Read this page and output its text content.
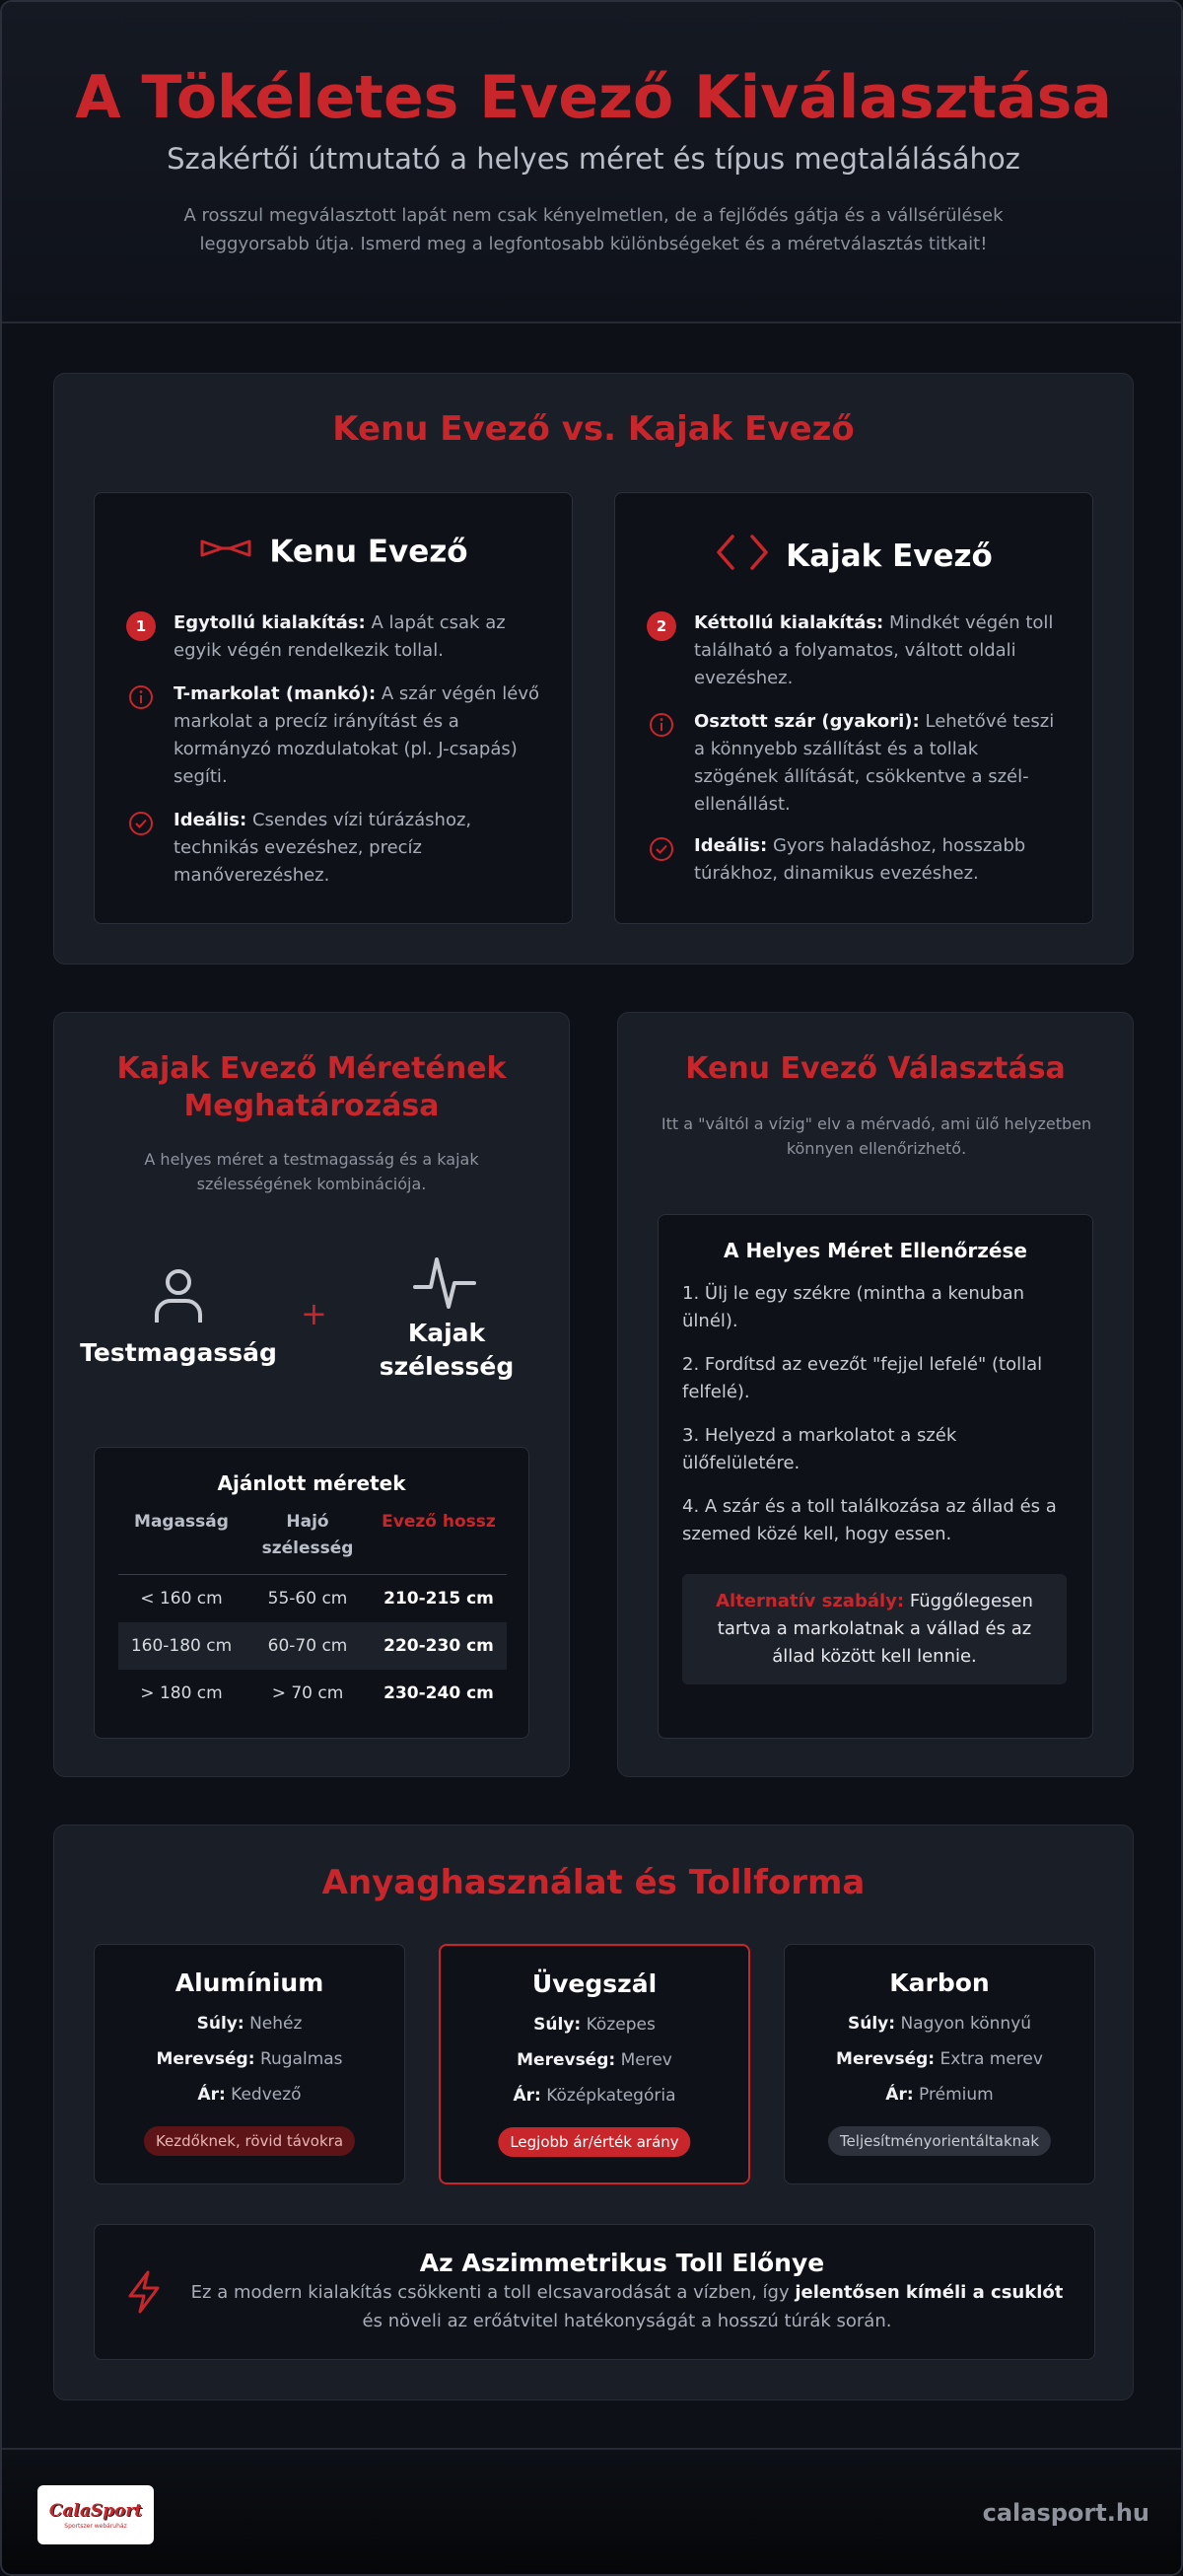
A Tökéletes Evező Kiválasztása
Szakértői útmutató a helyes méret és típus megtalálásához
A rosszul megválasztott lapát nem csak kényelmetlen, de a fejlődés gátja és a vállsérülések leggyorsabb útja. Ismerd meg a legfontosabb különbségeket és a méretválasztás titkait!
Kenu Evező vs. Kajak Evező
Kenu Evező
1	Egytollú kialakítás: A lapát csak az egyik végén rendelkezik tollal.
T-markolat (mankó): A szár végén lévő markolat a precíz irányítást és a kormányzó mozdulatokat (pl. J-csapás) segíti.
Ideális: Csendes vízi túrázáshoz, technikás evezéshez, precíz manőverezéshez.
Kajak Evező
2	Kéttollú kialakítás: Mindkét végén toll található a folyamatos, váltott oldali evezéshez.
Osztott szár (gyakori): Lehetővé teszi a könnyebb szállítást és a tollak szögének állítását, csökkentve a szél-ellenállást.
Ideális: Gyors haladáshoz, hosszabb túrákhoz, dinamikus evezéshez.
Kajak Evező Méretének Meghatározása
A helyes méret a testmagasság és a kajak szélességének kombinációja.
Testmagasság
+
Kajak szélesség
Ajánlott méretek
Magasság	Hajó szélesség	Evező hossz
< 160 cm	55-60 cm	210-215 cm
160-180 cm	60-70 cm	220-230 cm
> 180 cm	> 70 cm	230-240 cm
Kenu Evező Választása
Itt a "váltól a vízig" elv a mérvadó, ami ülő helyzetben könnyen ellenőrizhető.
A Helyes Méret Ellenőrzése
1. Ülj le egy székre (mintha a kenuban ülnél).
2. Fordítsd az evezőt "fejjel lefelé" (tollal felfelé).
3. Helyezd a markolatot a szék ülőfelületére.
4. A szár és a toll találkozása az állad és a szemed közé kell, hogy essen.
Alternatív szabály: Függőlegesen tartva a markolatnak a vállad és az állad között kell lennie.
Anyaghasználat és Tollforma
Alumínium
Súly: Nehéz
Merevség: Rugalmas
Ár: Kedvező
Kezdőknek, rövid távokra
Üvegszál
Súly: Közepes
Merevség: Merev
Ár: Középkategória
Legjobb ár/érték arány
Karbon
Súly: Nagyon könnyű
Merevség: Extra merev
Ár: Prémium
Teljesítményorientáltaknak
Az Aszimmetrikus Toll Előnye
Ez a modern kialakítás csökkenti a toll elcsavarodását a vízben, így jelentősen kíméli a csuklót és növeli az erőátvitel hatékonyságát a hosszú túrák során.
CalaSport
Sportszer webáruház	calasport.hu
